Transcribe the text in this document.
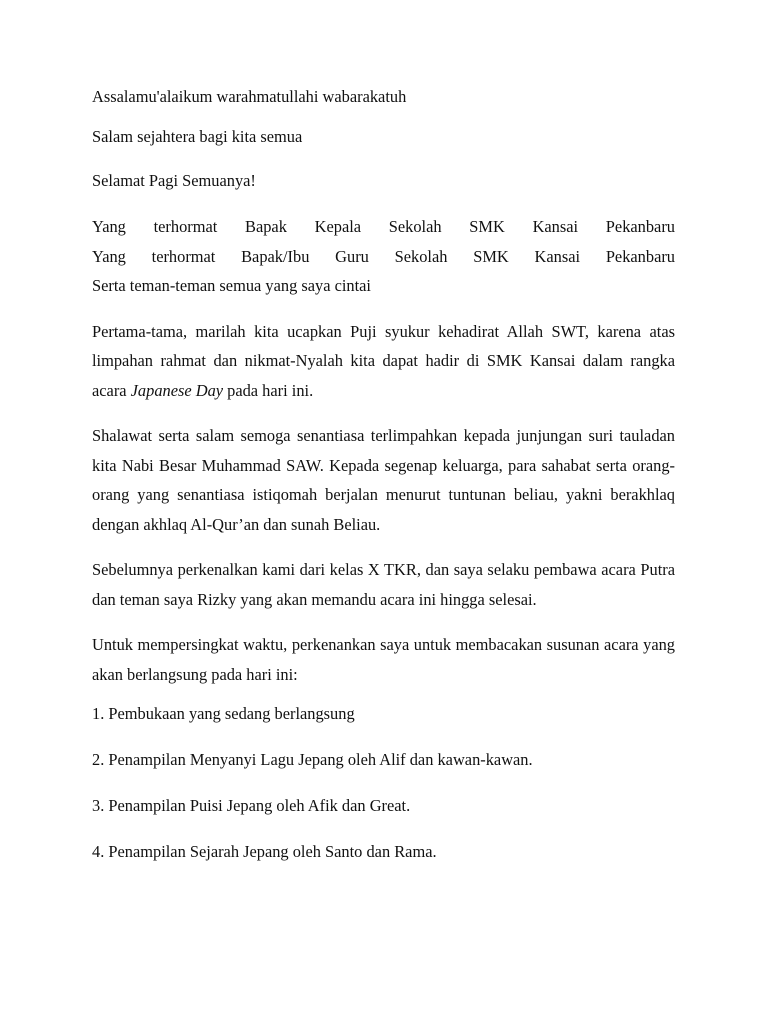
Assalamu'alaikum warahmatullahi wabarakatuh

Salam sejahtera bagi kita semua

Selamat Pagi Semuanya!

Yang terhormat Bapak Kepala Sekolah SMK Kansai Pekanbaru
Yang terhormat Bapak/Ibu Guru Sekolah SMK Kansai Pekanbaru
Serta teman-teman semua yang saya cintai

Pertama-tama, marilah kita ucapkan Puji syukur kehadirat Allah SWT, karena atas limpahan rahmat dan nikmat-Nyalah kita dapat hadir di SMK Kansai dalam rangka acara Japanese Day pada hari ini.

Shalawat serta salam semoga senantiasa terlimpahkan kepada junjungan suri tauladan kita Nabi Besar Muhammad SAW. Kepada segenap keluarga, para sahabat serta orang-orang yang senantiasa istiqomah berjalan menurut tuntunan beliau, yakni berakhlaq dengan akhlaq Al-Qur’an dan sunah Beliau.

Sebelumnya perkenalkan kami dari kelas X TKR, dan saya selaku pembawa acara Putra dan teman saya Rizky yang akan memandu acara ini hingga selesai.

Untuk mempersingkat waktu, perkenankan saya untuk membacakan susunan acara yang akan berlangsung pada hari ini:

1. Pembukaan yang sedang berlangsung

2. Penampilan Menyanyi Lagu Jepang oleh Alif dan kawan-kawan.

3. Penampilan Puisi Jepang oleh Afik dan Great.

4. Penampilan Sejarah Jepang oleh Santo dan Rama.
